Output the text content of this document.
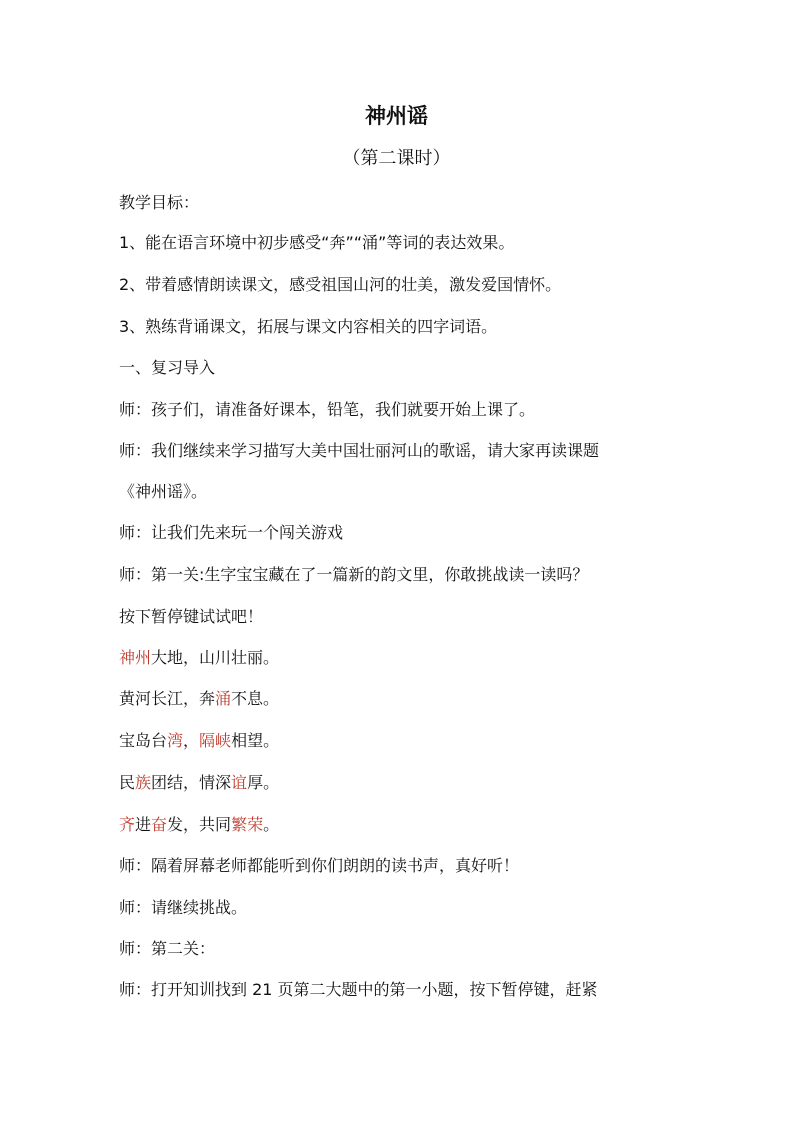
神州谣
（第二课时）
教学目标：
1、能在语言环境中初步感受“奔”“涌”等词的表达效果。
2、带着感情朗读课文，感受祖国山河的壮美，激发爱国情怀。
3、熟练背诵课文，拓展与课文内容相关的四字词语。
一、复习导入
师：孩子们，请准备好课本，铅笔，我们就要开始上课了。
师：我们继续来学习描写大美中国壮丽河山的歌谣，请大家再读课题
《神州谣》。
师：让我们先来玩一个闯关游戏
师：第一关:生字宝宝藏在了一篇新的韵文里，你敢挑战读一读吗？
按下暂停键试试吧！
神州大地，山川壮丽。
黄河长江，奔涌不息。
宝岛台湾，隔峡相望。
民族团结，情深谊厚。
齐进奋发，共同繁荣。
师：隔着屏幕老师都能听到你们朗朗的读书声，真好听！
师：请继续挑战。
师：第二关：
师：打开知训找到 21 页第二大题中的第一小题，按下暂停键，赶紧
